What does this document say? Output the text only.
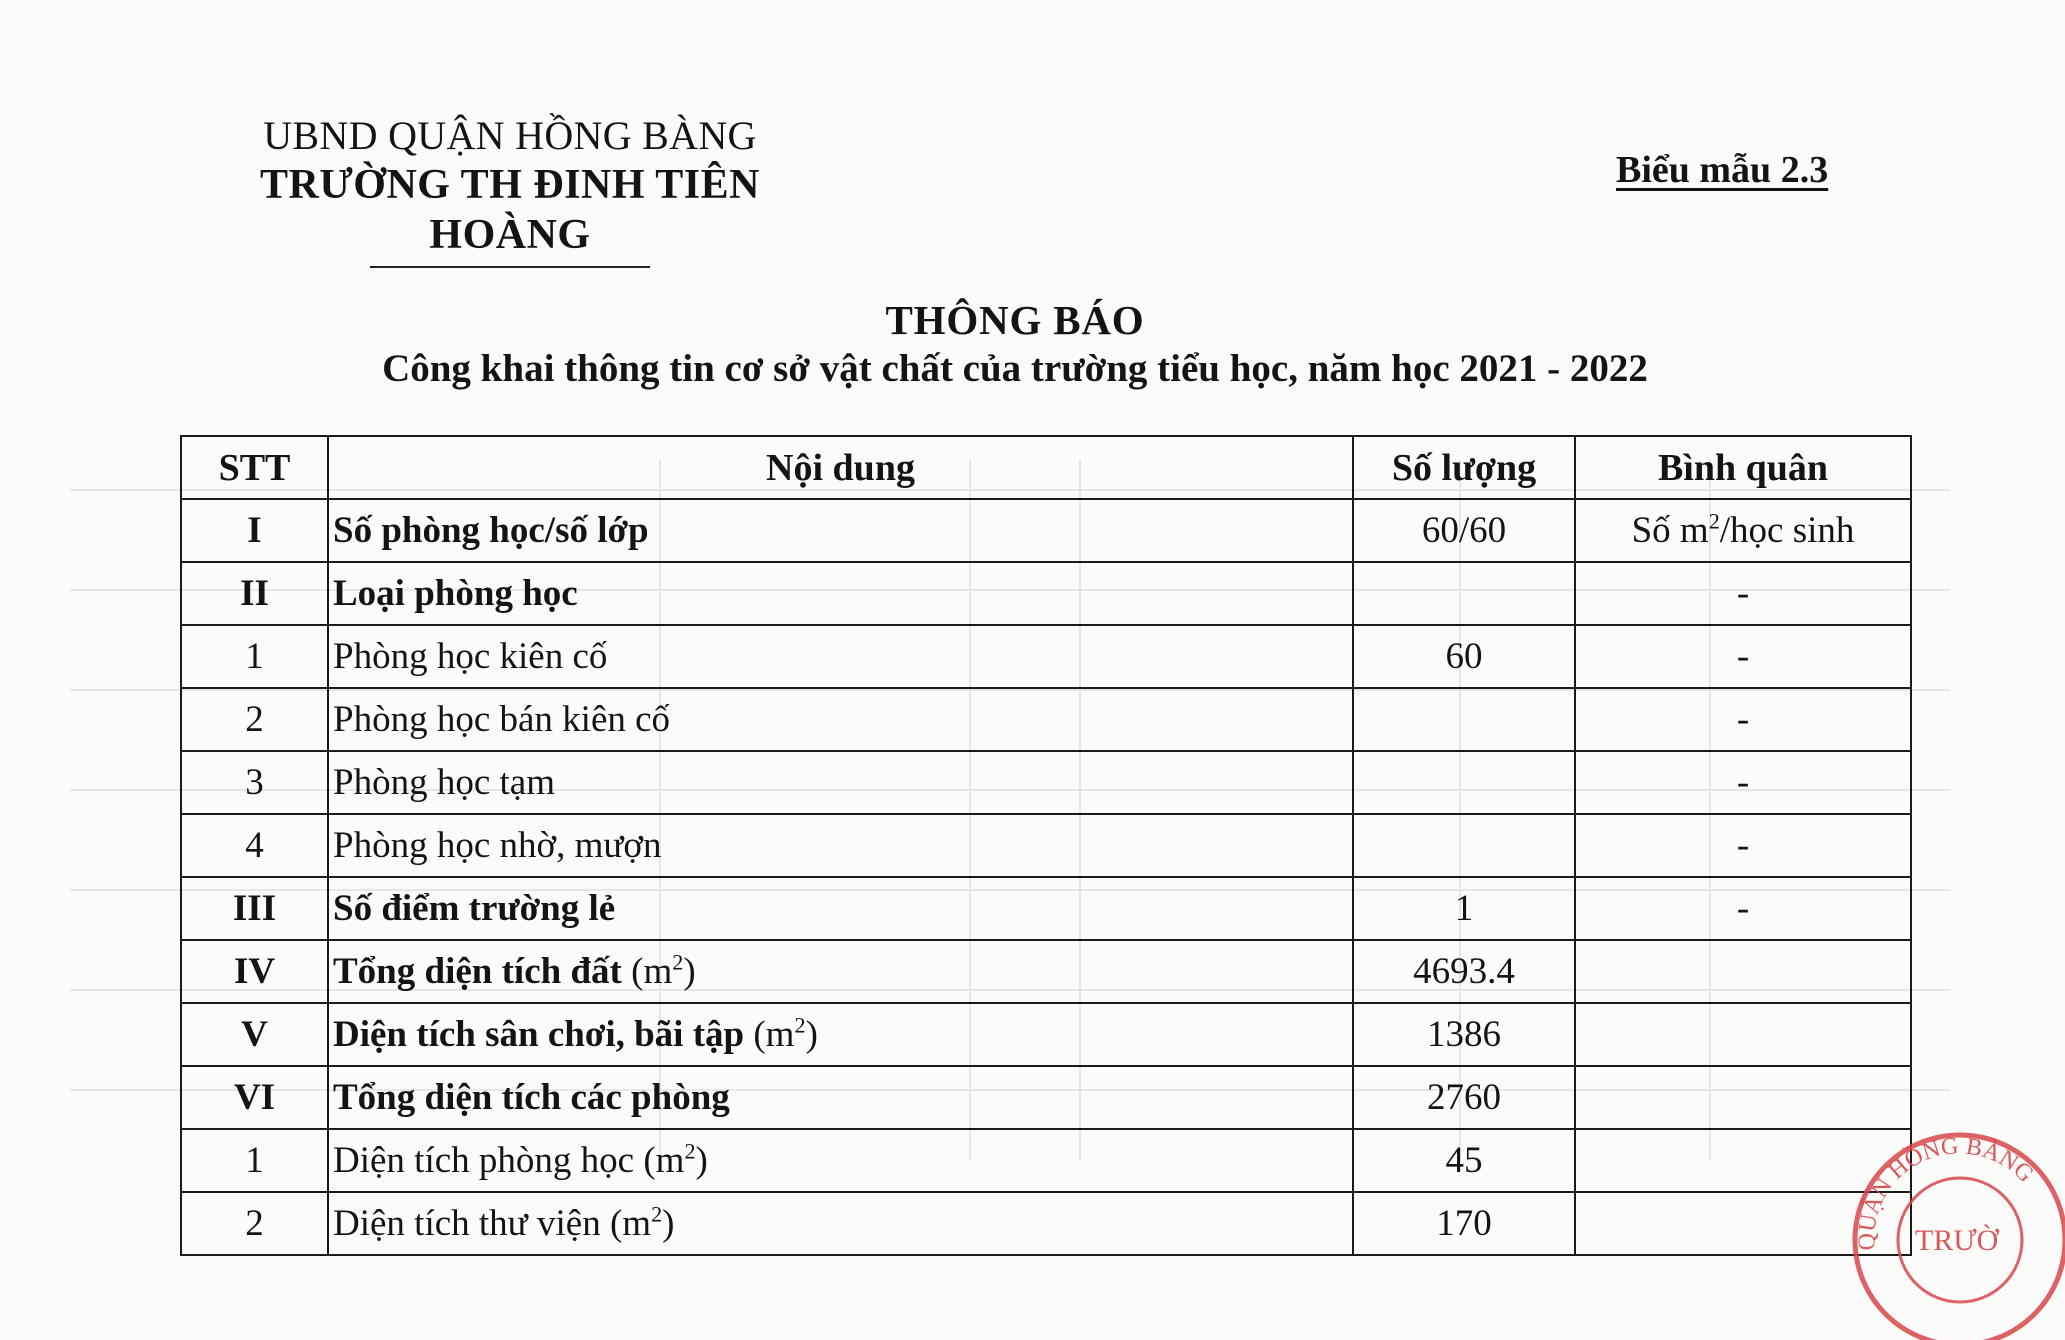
UBND QUẬN HỒNG BÀNG
TRƯỜNG TH ĐINH TIÊN HOÀNG
Biểu mẫu 2.3
THÔNG BÁO
Công khai thông tin cơ sở vật chất của trường tiểu học, năm học 2021 - 2022
STT	Nội dung	Số lượng	Bình quân
I	Số phòng học/số lớp	60/60	Số $m^2$/học sinh
II	Loại phòng học		-
1	Phòng học kiên cố	60	-
2	Phòng học bán kiên cố		-
3	Phòng học tạm		-
4	Phòng học nhờ, mượn		-
III	Số điểm trường lẻ	1	-
IV	Tổng diện tích đất $(m^2)$	4693.4	
V	Diện tích sân chơi, bãi tập $(m^2)$	1386	
VI	Tổng diện tích các phòng	2760	
1	Diện tích phòng học $(m^2)$	45	
2	Diện tích thư viện $(m^2)$	170		QUẬN HỒNG BÀNG
TRƯỜ
